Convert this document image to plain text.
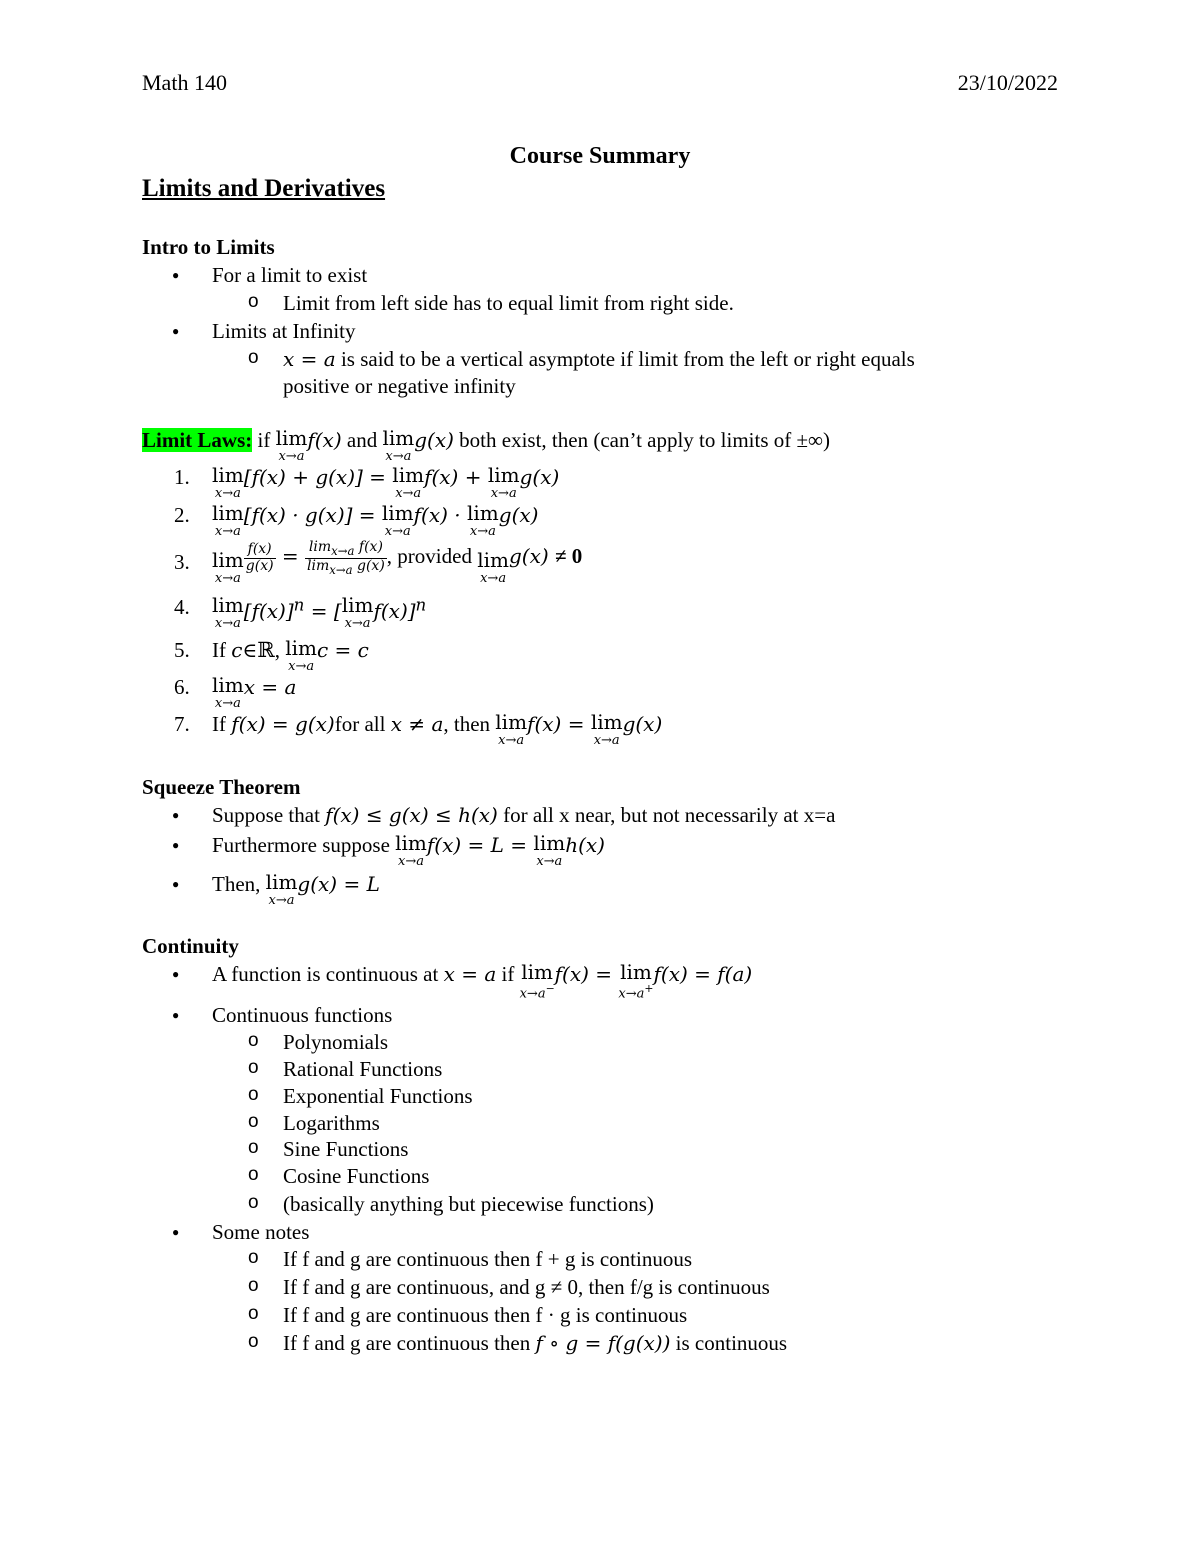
Math 140	23/10/2022
Course Summary
Limits and Derivatives
Intro to Limits
For a limit to exist
o Limit from left side has to equal limit from right side.
Limits at Infinity
o x = a is said to be a vertical asymptote if limit from the left or right equals
positive or negative infinity
Limit Laws: if lim
x→a
f(x) and lim
x→a
g(x) both exist, then (can’t apply to limits of ±∞)
1. lim
x→a
[f(x) + g(x)] = lim
x→a
f(x) + lim
x→a
g(x)
2. lim
x→a
[f(x) · g(x)] = lim
x→a
f(x) · lim
x→a
g(x)
3. lim
x→a
$\frac{f(x)}{g(x)} = \frac{\lim_{x\to a} f(x)}{\lim_{x\to a} g(x)}$ , provided lim
x→a
g(x) ≠ 0
4. lim
x→a
$[f(x)]^n$ = [ lim
x→a
f(x)]$^n$
5. If c∈ℝ, lim
x→a
c = c
6. lim
x→a
x = a
7. If f(x) = g(x)for all x ≠ a, then lim
x→a
f(x) = lim
x→a
g(x)
Squeeze Theorem
Suppose that f(x) ≤ g(x) ≤ h(x) for all x near, but not necessarily at x=a
Furthermore suppose lim
x→a
f(x) = L = lim
x→a
h(x)
Then, lim
x→a
g(x) = L
Continuity
A function is continuous at x = a if lim
x→a−
f(x) = lim
x→a+
f(x) = f(a)
Continuous functions
o Polynomials
o Rational Functions
o Exponential Functions
o Logarithms
o Sine Functions
o Cosine Functions
o (basically anything but piecewise functions)
Some notes
o If f and g are continuous then f + g is continuous
o If f and g are continuous, and g ≠ 0, then f/g is continuous
o If f and g are continuous then f · g is continuous
o If f and g are continuous then f ∘ g = f(g(x)) is continuous
